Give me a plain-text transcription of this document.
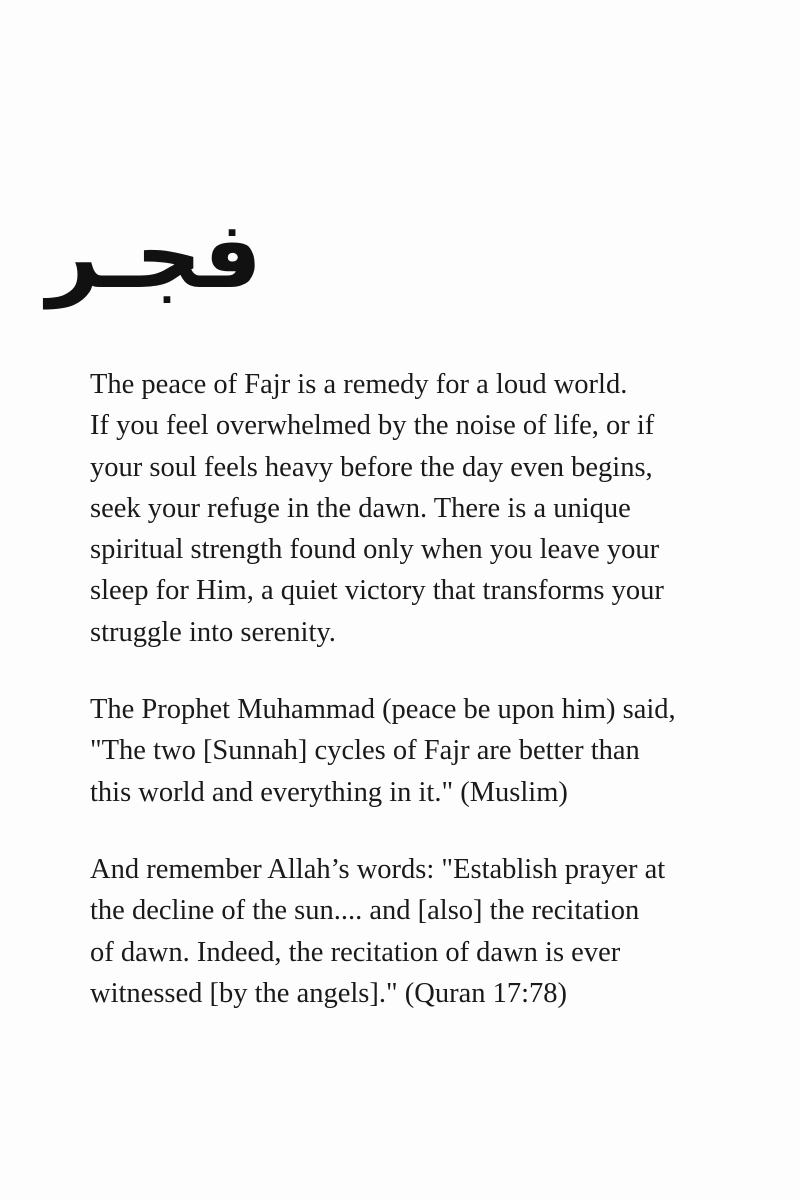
فجـر

The peace of Fajr is a remedy for a loud world.
If you feel overwhelmed by the noise of life, or if
your soul feels heavy before the day even begins,
seek your refuge in the dawn. There is a unique
spiritual strength found only when you leave your
sleep for Him, a quiet victory that transforms your
struggle into serenity.

The Prophet Muhammad (peace be upon him) said,
"The two [Sunnah] cycles of Fajr are better than
this world and everything in it." (Muslim)

And remember Allah’s words: "Establish prayer at
the decline of the sun.... and [also] the recitation
of dawn. Indeed, the recitation of dawn is ever
witnessed [by the angels]." (Quran 17:78)
